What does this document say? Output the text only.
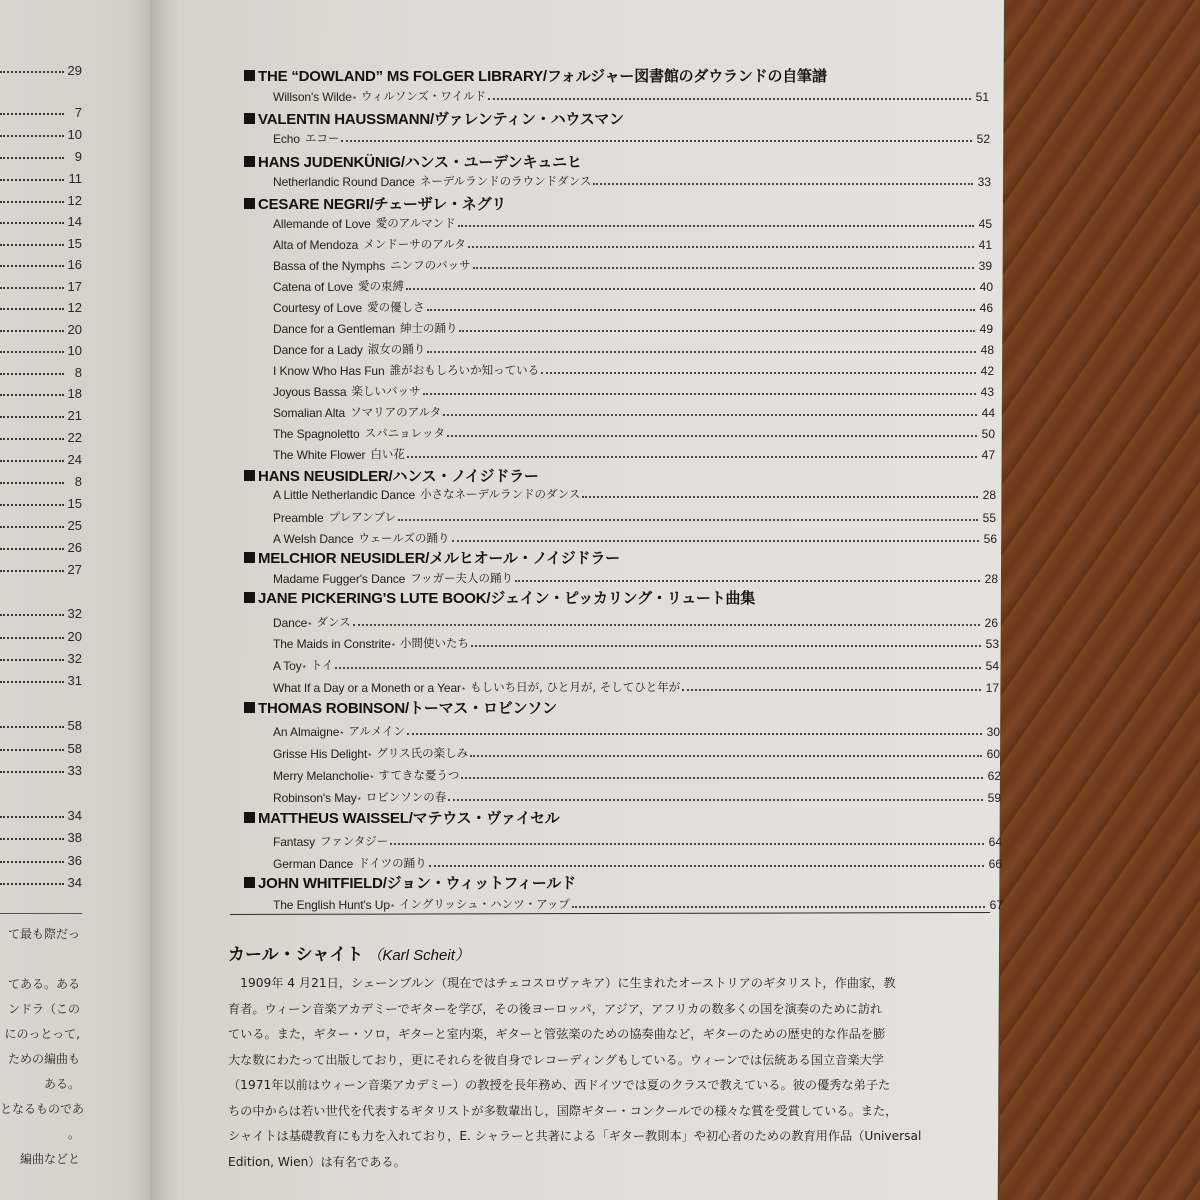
29
7
10
9
11
12
14
15
16
17
12
20
10
8
18
21
22
24
8
15
25
26
27
32
20
32
31
58
58
33
34
38
36
34
て最も際だっ
てある。ある
ンドラ（この
にのっとって,
ための編曲も
ある。
となるものであ
。
編曲などと
THE “DOWLAND” MS FOLGER LIBRARY/フォルジャー図書館のダウランドの自筆譜
Willson's Wilde * ウィルソンズ・ワイルド	51
VALENTIN HAUSSMANN/ヴァレンティン・ハウスマン
Echo エコー	52
HANS JUDENKÜNIG/ハンス・ユーデンキュニヒ
Netherlandic Round Dance ネーデルランドのラウンドダンス	33
CESARE NEGRI/チェーザレ・ネグリ
Allemande of Love 愛のアルマンド	45
Alta of Mendoza メンドーサのアルタ	41
Bassa of the Nymphs ニンフのバッサ	39
Catena of Love 愛の束縛	40
Courtesy of Love 愛の優しさ	46
Dance for a Gentleman 紳士の踊り	49
Dance for a Lady 淑女の踊り	48
I Know Who Has Fun 誰がおもしろいか知っている	42
Joyous Bassa 楽しいバッサ	43
Somalian Alta ソマリアのアルタ	44
The Spagnoletto スパニョレッタ	50
The White Flower 白い花	47
HANS NEUSIDLER/ハンス・ノイジドラー
A Little Netherlandic Dance 小さなネーデルランドのダンス	28
Preamble プレアンブレ	55
A Welsh Dance ウェールズの踊り	56
MELCHIOR NEUSIDLER/メルヒオール・ノイジドラー
Madame Fugger's Dance フッガー夫人の踊り	28
JANE PICKERING'S LUTE BOOK/ジェイン・ピッカリング・リュート曲集
Dance * ダンス	26
The Maids in Constrite * 小間使いたち	53
A Toy * トイ	54
What If a Day or a Moneth or a Year * もしいち日が, ひと月が, そしてひと年が	17
THOMAS ROBINSON/トーマス・ロビンソン
An Almaigne * アルメイン	30
Grisse His Delight * グリス氏の楽しみ	60
Merry Melancholie * すてきな憂うつ	62
Robinson's May * ロビンソンの春	59
MATTHEUS WAISSEL/マテウス・ヴァイセル
Fantasy ファンタジー	64
German Dance ドイツの踊り	66
JOHN WHITFIELD/ジョン・ウィットフィールド
The English Hunt's Up * イングリッシュ・ハンツ・アップ	67
カール・シャイト （Karl Scheit）
　1909年 4 月21日，シェーンブルン（現在ではチェコスロヴァキア）に生まれたオーストリアのギタリスト，作曲家，教
育者。ウィーン音楽アカデミーでギターを学び，その後ヨーロッパ，アジア，アフリカの数多くの国を演奏のために訪れ
ている。また，ギター・ソロ，ギターと室内楽，ギターと管弦楽のための協奏曲など，ギターのための歴史的な作品を膨
大な数にわたって出版しており，更にそれらを彼自身でレコーディングもしている。ウィーンでは伝統ある国立音楽大学
（1971年以前はウィーン音楽アカデミー）の教授を長年務め、西ドイツでは夏のクラスで教えている。彼の優秀な弟子た
ちの中からは若い世代を代表するギタリストが多数輩出し，国際ギター・コンクールでの様々な賞を受賞している。また，
シャイトは基礎教育にも力を入れており，E. シャラーと共著による「ギター教則本」や初心者のための教育用作品（Universal
Edition, Wien）は有名である。
